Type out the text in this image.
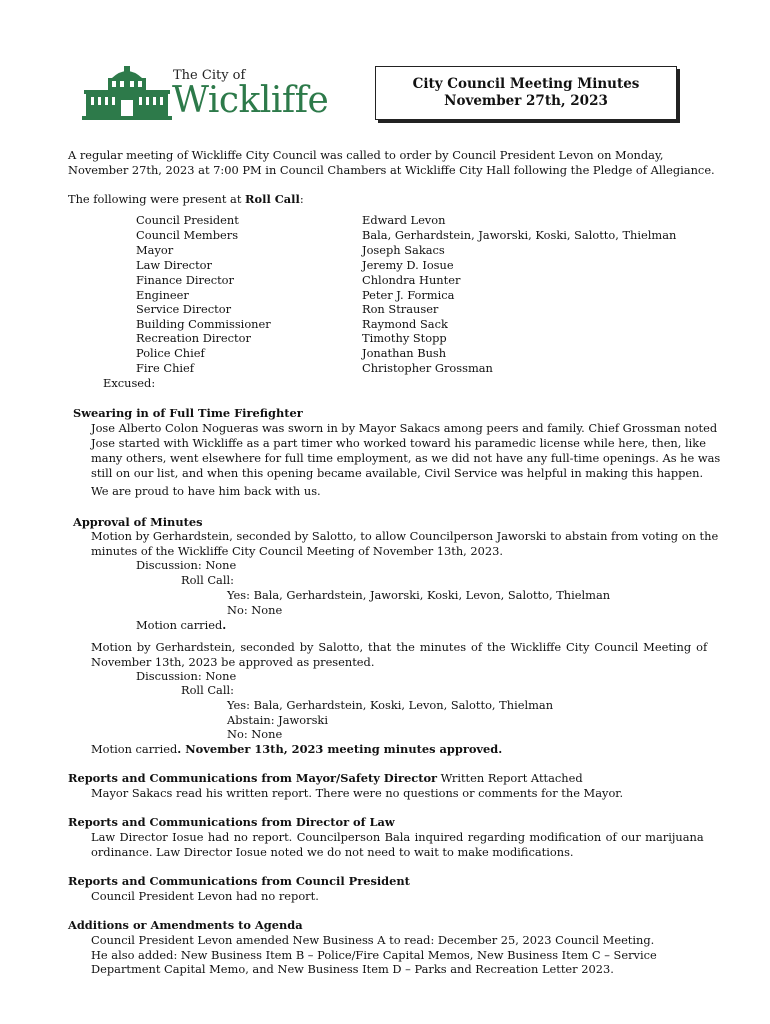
The City of
Wickliffe	City Council Meeting Minutes
November 27th, 2023
A regular meeting of Wickliffe City Council was called to order by Council President Levon on Monday,
November 27th, 2023 at 7:00 PM in Council Chambers at Wickliffe City Hall following the Pledge of Allegiance.
The following were present at Roll Call:
Council President	Edward Levon
Council Members	Bala, Gerhardstein, Jaworski, Koski, Salotto, Thielman
Mayor	Joseph Sakacs
Law Director	Jeremy D. Iosue
Finance Director	Chlondra Hunter
Engineer	Peter J. Formica
Service Director	Ron Strauser
Building Commissioner	Raymond Sack
Recreation Director	Timothy Stopp
Police Chief	Jonathan Bush
Fire Chief	Christopher Grossman
Excused:
Swearing in of Full Time Firefighter
Jose Alberto Colon Nogueras was sworn in by Mayor Sakacs among peers and family. Chief Grossman noted
Jose started with Wickliffe as a part timer who worked toward his paramedic license while here, then, like
many others, went elsewhere for full time employment, as we did not have any full-time openings. As he was
still on our list, and when this opening became available, Civil Service was helpful in making this happen.
We are proud to have him back with us.
Approval of Minutes
Motion by Gerhardstein, seconded by Salotto, to allow Councilperson Jaworski to abstain from voting on the
minutes of the Wickliffe City Council Meeting of November 13th, 2023.
Discussion: None
Roll Call:
Yes: Bala, Gerhardstein, Jaworski, Koski, Levon, Salotto, Thielman
No: None
Motion carried.
Motion by Gerhardstein, seconded by Salotto, that the minutes of the Wickliffe City Council Meeting of
November 13th, 2023 be approved as presented.
Discussion: None
Roll Call:
Yes: Bala, Gerhardstein, Koski, Levon, Salotto, Thielman
Abstain: Jaworski
No: None
Motion carried. November 13th, 2023 meeting minutes approved.
Reports and Communications from Mayor/Safety Director Written Report Attached
Mayor Sakacs read his written report. There were no questions or comments for the Mayor.
Reports and Communications from Director of Law
Law Director Iosue had no report. Councilperson Bala inquired regarding modification of our marijuana
ordinance. Law Director Iosue noted we do not need to wait to make modifications.
Reports and Communications from Council President
Council President Levon had no report.
Additions or Amendments to Agenda
Council President Levon amended New Business A to read: December 25, 2023 Council Meeting.
He also added: New Business Item B – Police/Fire Capital Memos, New Business Item C – Service
Department Capital Memo, and New Business Item D – Parks and Recreation Letter 2023.
